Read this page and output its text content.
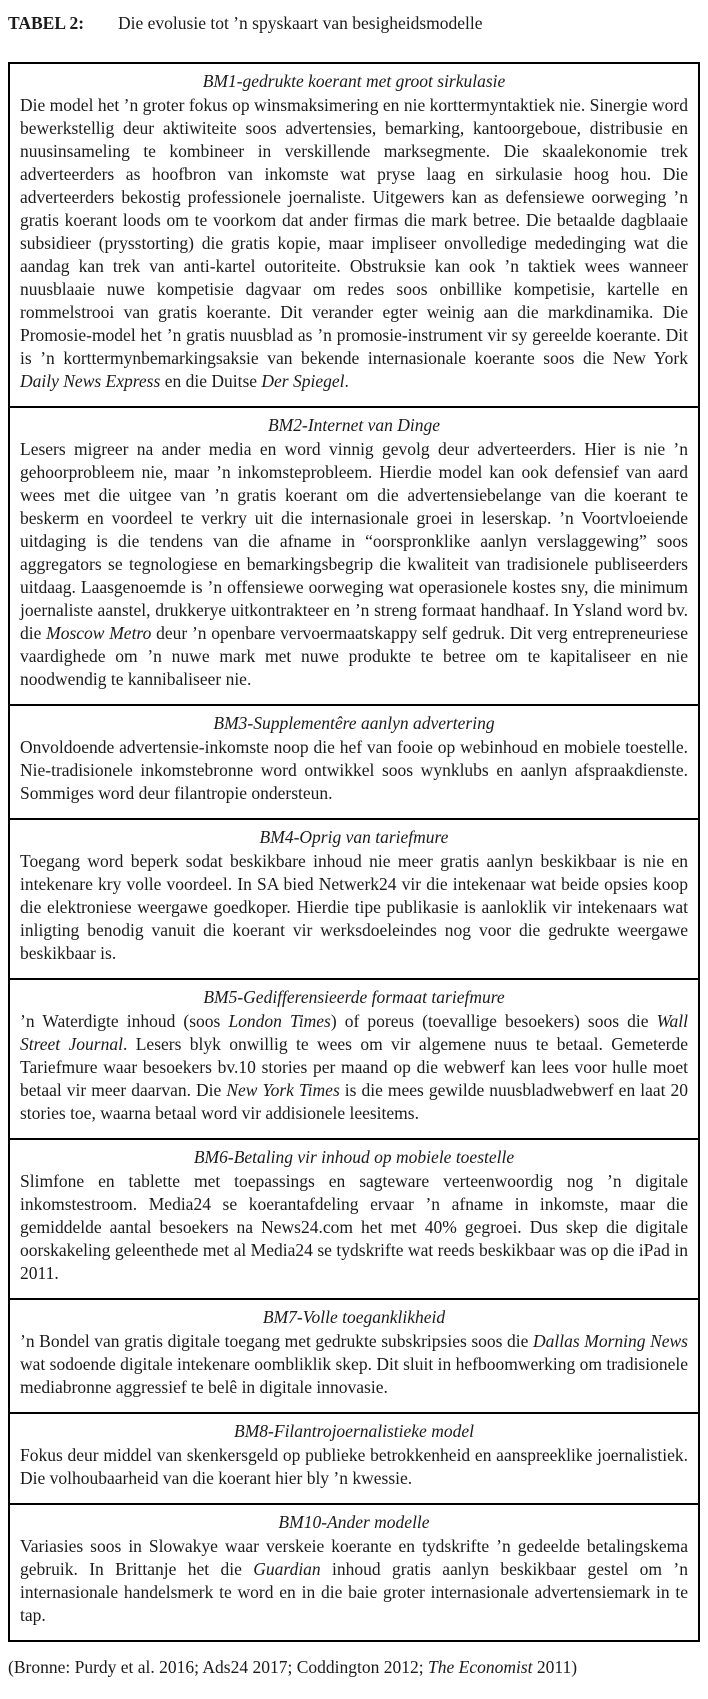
TABEL 2: Die evolusie tot ’n spyskaart van besigheidsmodelle
BM1-gedrukte koerant met groot sirkulasie

Die model het ’n groter fokus op winsmaksimering en nie korttermyntaktiek nie. Sinergie word bewerkstellig deur aktiwiteite soos advertensies, bemarking, kantoorgeboue, distribusie en nuusinsameling te kombineer in verskillende marksegmente. Die skaalekonomie trek adverteerders as hoofbron van inkomste wat pryse laag en sirkulasie hoog hou. Die adverteerders bekostig professionele joernaliste. Uitgewers kan as defensiewe oorweging ’n gratis koerant loods om te voorkom dat ander firmas die mark betree. Die betaalde dagblaaie subsidieer (prysstorting) die gratis kopie, maar impliseer onvolledige mededinging wat die aandag kan trek van anti-kartel outoriteite. Obstruksie kan ook ’n taktiek wees wanneer nuusblaaie nuwe kompetisie dagvaar om redes soos onbillike kompetisie, kartelle en rommelstrooi van gratis koerante. Dit verander egter weinig aan die markdinamika. Die Promosie-model het ’n gratis nuusblad as ’n promosie-instrument vir sy gereelde koerante. Dit is ’n korttermynbemarkingsaksie van bekende internasionale koerante soos die New York Daily News Express en die Duitse Der Spiegel.

BM2-Internet van Dinge

Lesers migreer na ander media en word vinnig gevolg deur adverteerders. Hier is nie ’n gehoorprobleem nie, maar ’n inkomsteprobleem. Hierdie model kan ook defensief van aard wees met die uitgee van ’n gratis koerant om die advertensiebelange van die koerant te beskerm en voordeel te verkry uit die internasionale groei in leserskap. ’n Voortvloeiende uitdaging is die tendens van die afname in “oorspronklike aanlyn verslaggewing” soos aggregators se tegnologiese en bemarkingsbegrip die kwaliteit van tradisionele publiseerders uitdaag. Laasgenoemde is ’n offensiewe oorweging wat operasionele kostes sny, die minimum joernaliste aanstel, drukkerye uitkontrakteer en ’n streng formaat handhaaf. In Ysland word bv. die Moscow Metro deur ’n openbare vervoermaatskappy self gedruk. Dit verg entrepreneuriese vaardighede om ’n nuwe mark met nuwe produkte te betree om te kapitaliseer en nie noodwendig te kannibaliseer nie.

BM3-Supplementêre aanlyn advertering

Onvoldoende advertensie-inkomste noop die hef van fooie op webinhoud en mobiele toestelle. Nie-tradisionele inkomstebronne word ontwikkel soos wynklubs en aanlyn afspraakdienste. Sommiges word deur filantropie ondersteun.

BM4-Oprig van tariefmure

Toegang word beperk sodat beskikbare inhoud nie meer gratis aanlyn beskikbaar is nie en intekenare kry volle voordeel. In SA bied Netwerk24 vir die intekenaar wat beide opsies koop die elektroniese weergawe goedkoper. Hierdie tipe publikasie is aanloklik vir intekenaars wat inligting benodig vanuit die koerant vir werksdoeleindes nog voor die gedrukte weergawe beskikbaar is.

BM5-Gedifferensieerde formaat tariefmure

’n Waterdigte inhoud (soos London Times) of poreus (toevallige besoekers) soos die Wall Street Journal. Lesers blyk onwillig te wees om vir algemene nuus te betaal. Gemeterde Tariefmure waar besoekers bv.10 stories per maand op die webwerf kan lees voor hulle moet betaal vir meer daarvan. Die New York Times is die mees gewilde nuusbladwebwerf en laat 20 stories toe, waarna betaal word vir addisionele leesitems.

BM6-Betaling vir inhoud op mobiele toestelle

Slimfone en tablette met toepassings en sagteware verteenwoordig nog ’n digitale inkomstestroom. Media24 se koerantafdeling ervaar ’n afname in inkomste, maar die gemiddelde aantal besoekers na News24.com het met 40% gegroei. Dus skep die digitale oorskakeling geleenthede met al Media24 se tydskrifte wat reeds beskikbaar was op die iPad in 2011.

BM7-Volle toeganklikheid

’n Bondel van gratis digitale toegang met gedrukte subskripsies soos die Dallas Morning News wat sodoende digitale intekenare oombliklik skep. Dit sluit in hefboomwerking om tradisionele mediabronne aggressief te belê in digitale innovasie.

BM8-Filantrojoernalistieke model

Fokus deur middel van skenkersgeld op publieke betrokkenheid en aanspreeklike joernalistiek. Die volhoubaarheid van die koerant hier bly ’n kwessie.

BM10-Ander modelle

Variasies soos in Slowakye waar verskeie koerante en tydskrifte ’n gedeelde betalingskema gebruik. In Brittanje het die Guardian inhoud gratis aanlyn beskikbaar gestel om ’n internasionale handelsmerk te word en in die baie groter internasionale advertensiemark in te tap.

(Bronne: Purdy et al. 2016; Ads24 2017; Coddington 2012; The Economist 2011)
